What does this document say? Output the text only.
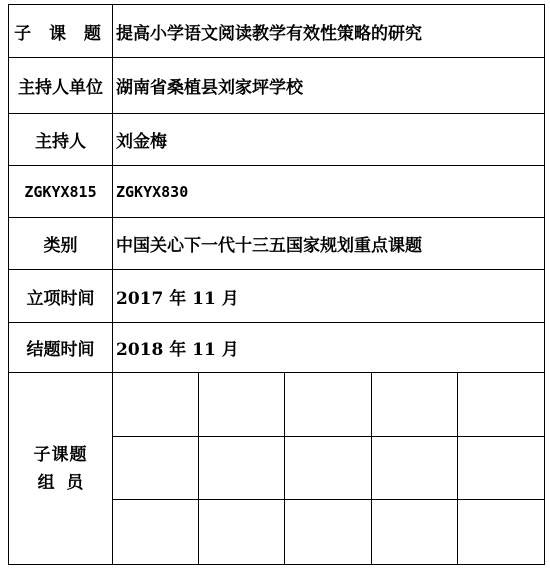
子 课 题 提高小学语文阅读教学有效性策略的研究
主持人单位 湖南省桑植县刘家坪学校
主持人	刘金梅
ZGKYX815	ZGKYX830
类别	中国关心下一代十三五国家规划重点课题
立项时间	2017 年 11 月
结题时间	2018 年 11 月
子课题
组  员
